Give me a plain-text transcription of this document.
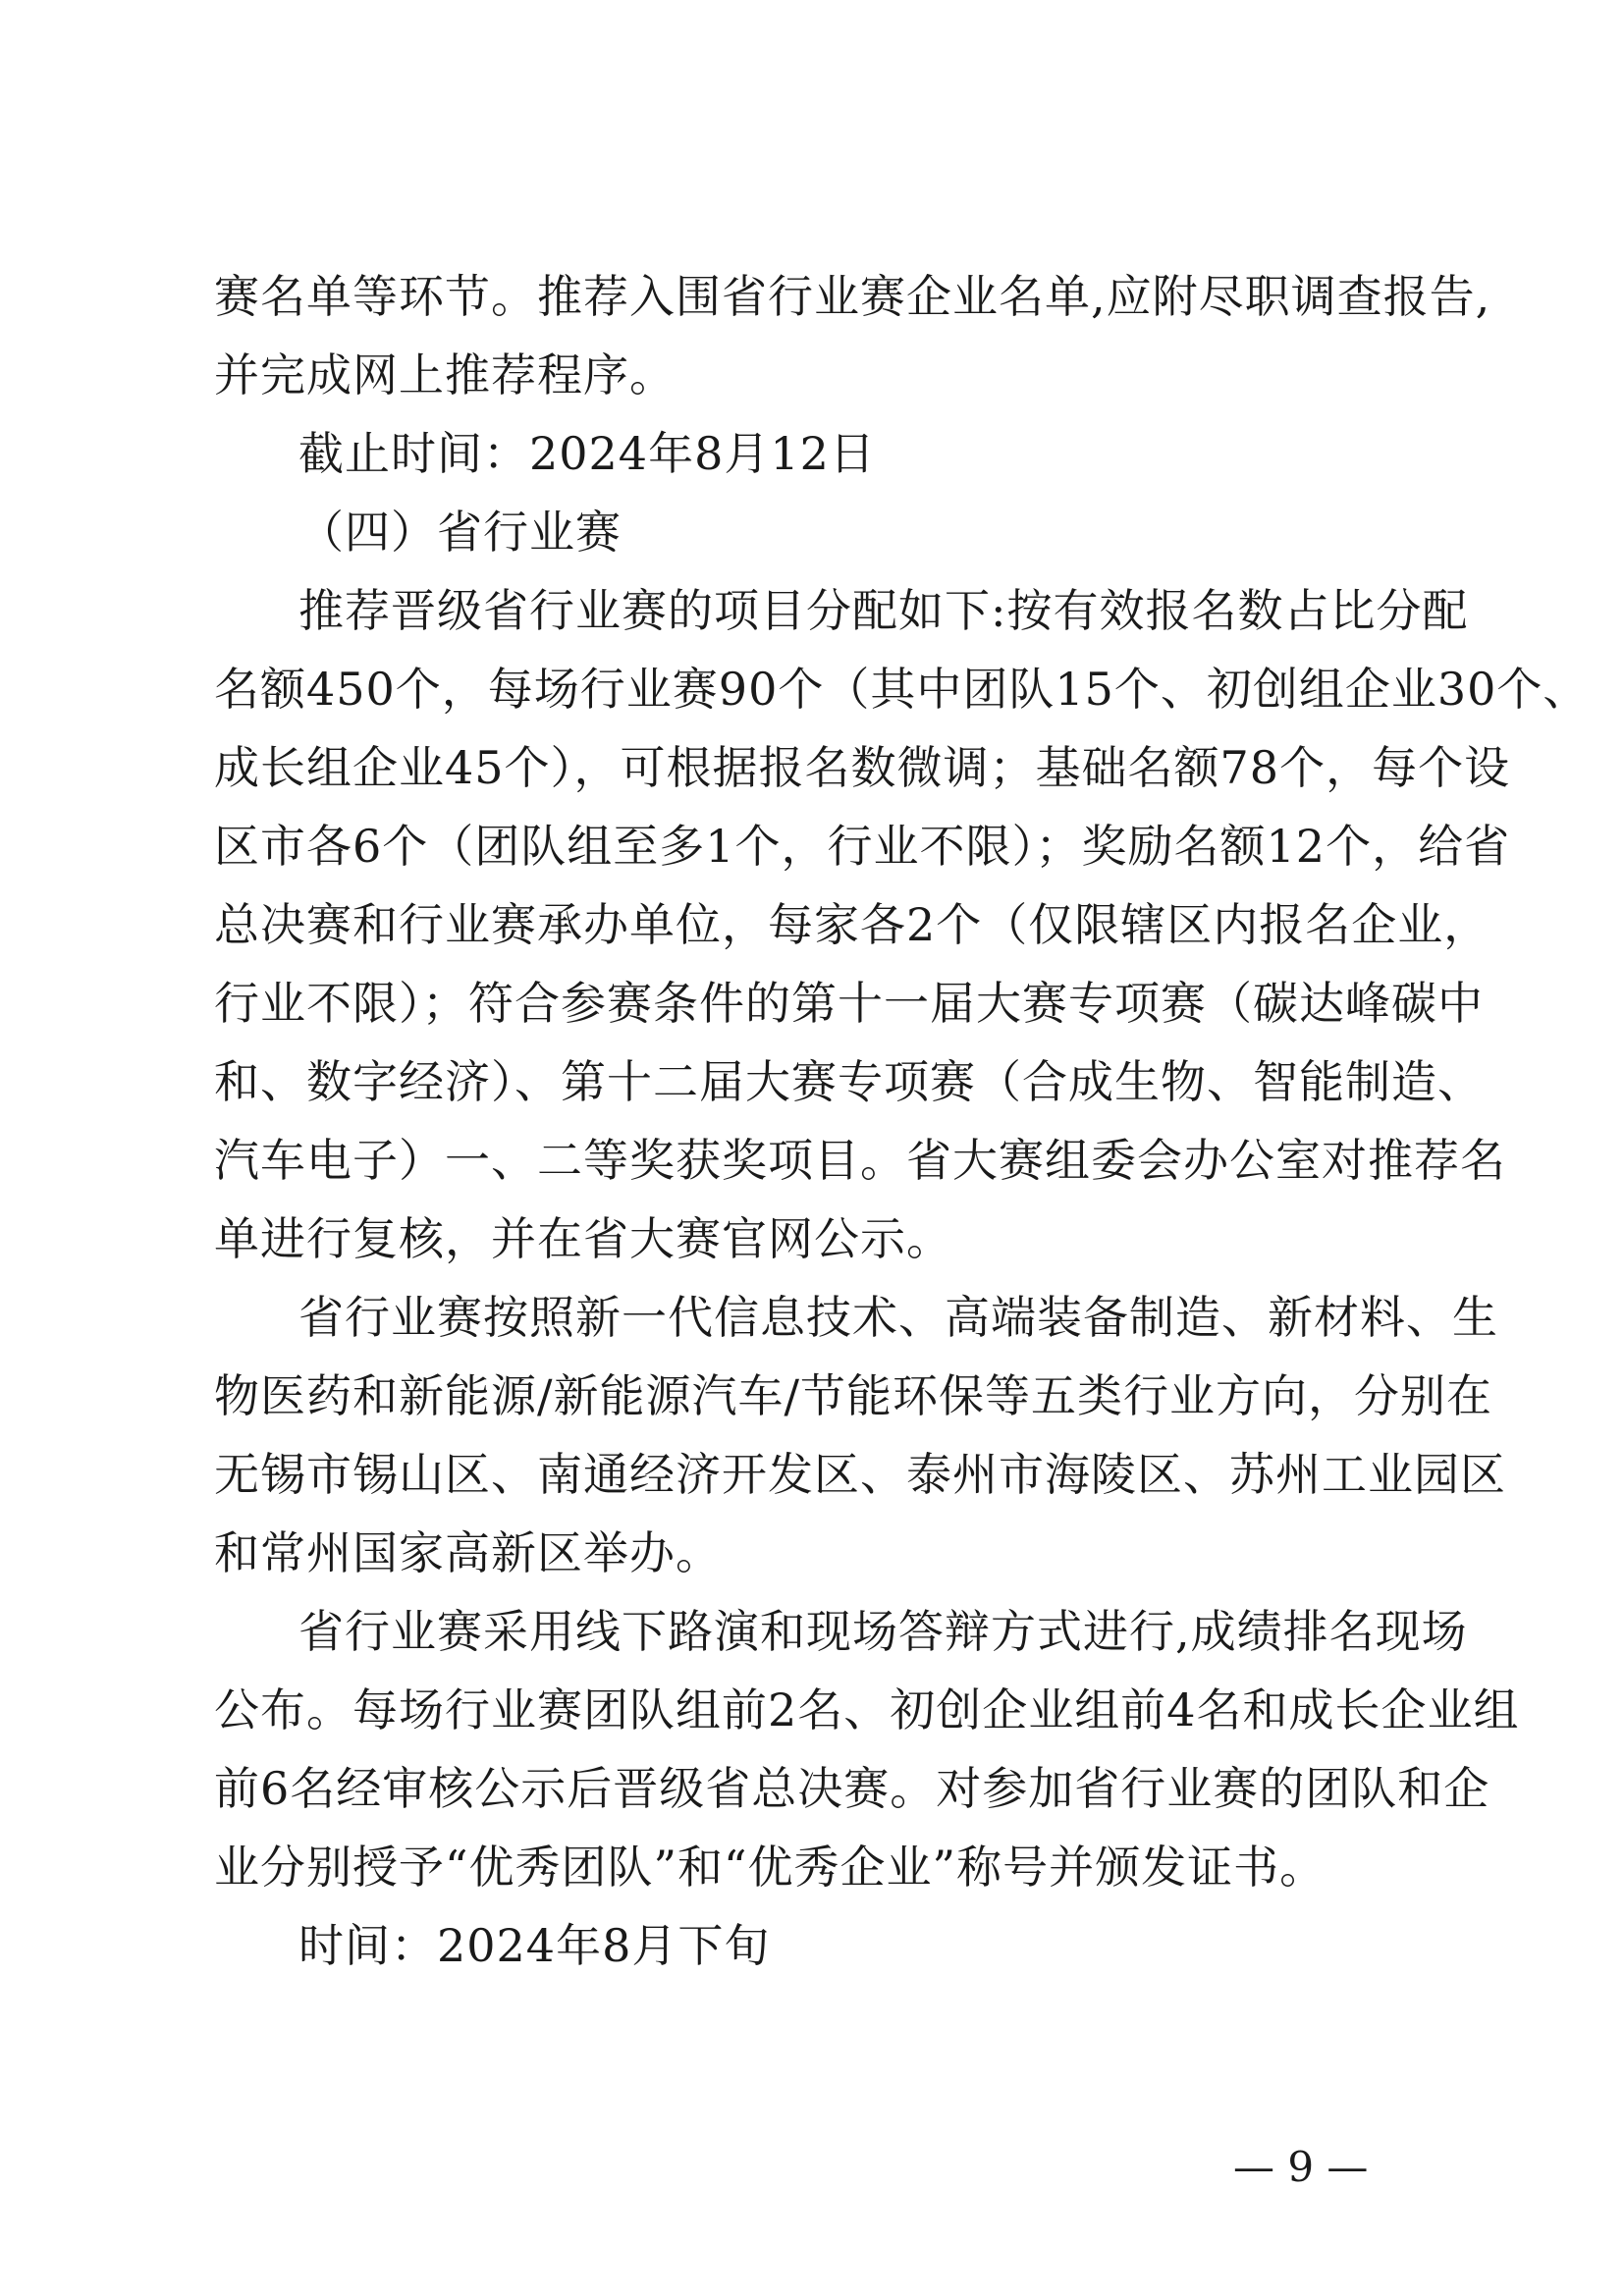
赛名单等环节。推荐入围省行业赛企业名单,应附尽职调查报告,
并完成网上推荐程序。
截止时间：2024年8月12日
（四）省行业赛
推荐晋级省行业赛的项目分配如下:按有效报名数占比分配
名额450个，每场行业赛90个（其中团队15个、初创组企业30个、
成长组企业45个），可根据报名数微调；基础名额78个，每个设
区市各6个（团队组至多1个，行业不限）；奖励名额12个，给省
总决赛和行业赛承办单位，每家各2个（仅限辖区内报名企业，
行业不限）；符合参赛条件的第十一届大赛专项赛（碳达峰碳中
和、数字经济）、第十二届大赛专项赛（合成生物、智能制造、
汽车电子）一、二等奖获奖项目。省大赛组委会办公室对推荐名
单进行复核，并在省大赛官网公示。
省行业赛按照新一代信息技术、高端装备制造、新材料、生
物医药和新能源/新能源汽车/节能环保等五类行业方向，分别在
无锡市锡山区、南通经济开发区、泰州市海陵区、苏州工业园区
和常州国家高新区举办。
省行业赛采用线下路演和现场答辩方式进行,成绩排名现场
公布。每场行业赛团队组前2名、初创企业组前4名和成长企业组
前6名经审核公示后晋级省总决赛。对参加省行业赛的团队和企
业分别授予“优秀团队”和“优秀企业”称号并颁发证书。
时间：2024年8月下旬
— 9 —
